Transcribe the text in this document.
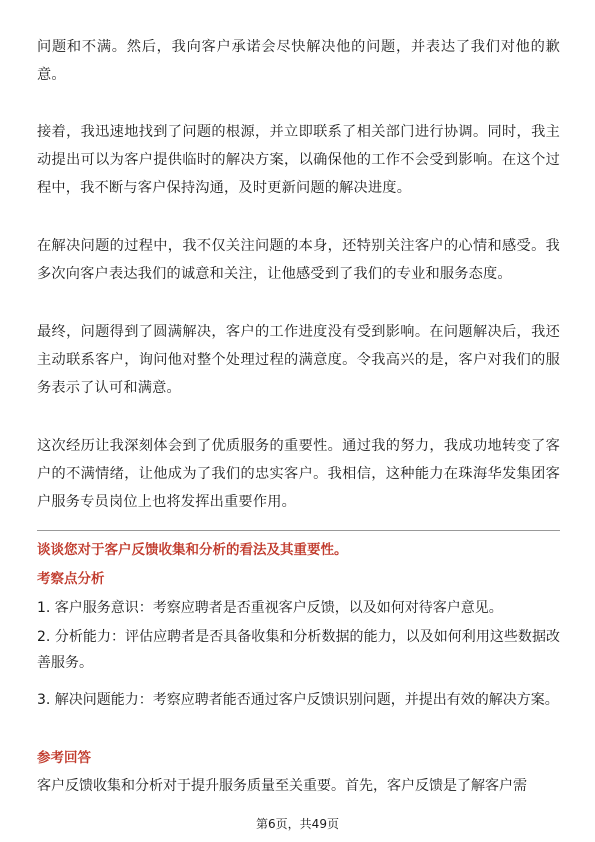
问题和不满。然后，我向客户承诺会尽快解决他的问题，并表达了我们对他的歉意。

接着，我迅速地找到了问题的根源，并立即联系了相关部门进行协调。同时，我主动提出可以为客户提供临时的解决方案，以确保他的工作不会受到影响。在这个过程中，我不断与客户保持沟通，及时更新问题的解决进度。

在解决问题的过程中，我不仅关注问题的本身，还特别关注客户的心情和感受。我多次向客户表达我们的诚意和关注，让他感受到了我们的专业和服务态度。

最终，问题得到了圆满解决，客户的工作进度没有受到影响。在问题解决后，我还主动联系客户，询问他对整个处理过程的满意度。令我高兴的是，客户对我们的服务表示了认可和满意。

这次经历让我深刻体会到了优质服务的重要性。通过我的努力，我成功地转变了客户的不满情绪，让他成为了我们的忠实客户。我相信，这种能力在珠海华发集团客户服务专员岗位上也将发挥出重要作用。

谈谈您对于客户反馈收集和分析的看法及其重要性。

考察点分析

1. 客户服务意识：考察应聘者是否重视客户反馈，以及如何对待客户意见。

2. 分析能力：评估应聘者是否具备收集和分析数据的能力，以及如何利用这些数据改善服务。

3. 解决问题能力：考察应聘者能否通过客户反馈识别问题，并提出有效的解决方案。

参考回答

客户反馈收集和分析对于提升服务质量至关重要。首先，客户反馈是了解客户需

第6页，共49页
